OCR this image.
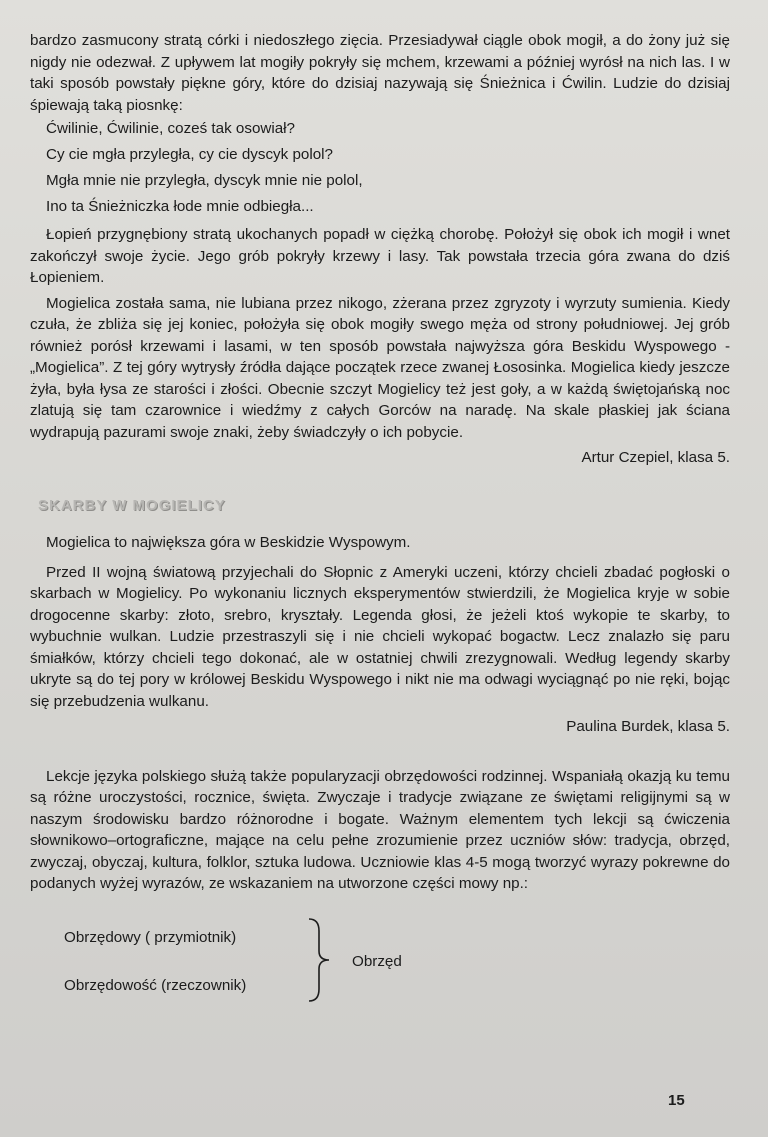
bardzo zasmucony stratą córki i niedoszłego zięcia. Przesiadywał ciągle obok mogił, a do żony już się nigdy nie odezwał. Z upływem lat mogiły pokryły się mchem, krzewami a później wyrósł na nich las. I w taki sposób powstały piękne góry, które do dzisiaj nazywają się Śnieżnica i Ćwilin. Ludzie do dzisiaj śpiewają taką piosnkę:

Ćwilinie, Ćwilinie, coześ tak osowiał?
Cy cie mgła przyległa, cy cie dyscyk polol?
Mgła mnie nie przyległa, dyscyk mnie nie polol,
Ino ta Śnieżniczka łode mnie odbiegła...

Łopień przygnębiony stratą ukochanych popadł w ciężką chorobę. Położył się obok ich mogił i wnet zakończył swoje życie. Jego grób pokryły krzewy i lasy. Tak powstała trzecia góra zwana do dziś Łopieniem.

Mogielica została sama, nie lubiana przez nikogo, zżerana przez zgryzoty i wyrzuty sumienia. Kiedy czuła, że zbliża się jej koniec, położyła się obok mogiły swego męża od strony południowej. Jej grób również porósł krzewami i lasami, w ten sposób powstała najwyższa góra Beskidu Wyspowego - „Mogielica”. Z tej góry wytrysły źródła dające początek rzece zwanej Łososinka. Mogielica kiedy jeszcze żyła, była łysa ze starości i złości. Obecnie szczyt Mogielicy też jest goły, a w każdą świętojańską noc zlatują się tam czarownice i wiedźmy z całych Gorców na naradę. Na skale płaskiej jak ściana wydrapują pazurami swoje znaki, żeby świadczyły o ich pobycie.

Artur Czepiel, klasa 5.

SKARBY W MOGIELICY

Mogielica to największa góra w Beskidzie Wyspowym.

Przed II wojną światową przyjechali do Słopnic z Ameryki uczeni, którzy chcieli zbadać pogłoski o skarbach w Mogielicy. Po wykonaniu licznych eksperymentów stwierdzili, że Mogielica kryje w sobie drogocenne skarby: złoto, srebro, kryształy. Legenda głosi, że jeżeli ktoś wykopie te skarby, to wybuchnie wulkan. Ludzie przestraszyli się i nie chcieli wykopać bogactw. Lecz znalazło się paru śmiałków, którzy chcieli tego dokonać, ale w ostatniej chwili zrezygnowali. Według legendy skarby ukryte są do tej pory w królowej Beskidu Wyspowego i nikt nie ma odwagi wyciągnąć po nie ręki, bojąc się przebudzenia wulkanu.

Paulina Burdek, klasa 5.

Lekcje języka polskiego służą także popularyzacji obrzędowości rodzinnej. Wspaniałą okazją ku temu są różne uroczystości, rocznice, święta. Zwyczaje i tradycje związane ze świętami religijnymi są w naszym środowisku bardzo różnorodne i bogate. Ważnym elementem tych lekcji są ćwiczenia słownikowo–ortograficzne, mające na celu pełne zrozumienie przez uczniów słów: tradycja, obrzęd, zwyczaj, obyczaj, kultura, folklor, sztuka ludowa. Uczniowie klas 4-5 mogą tworzyć wyrazy pokrewne do podanych wyżej wyrazów, ze wskazaniem na utworzone części mowy np.:

Obrzędowy ( przymiotnik)
Obrzędowość (rzeczownik)
Obrzęd
15
